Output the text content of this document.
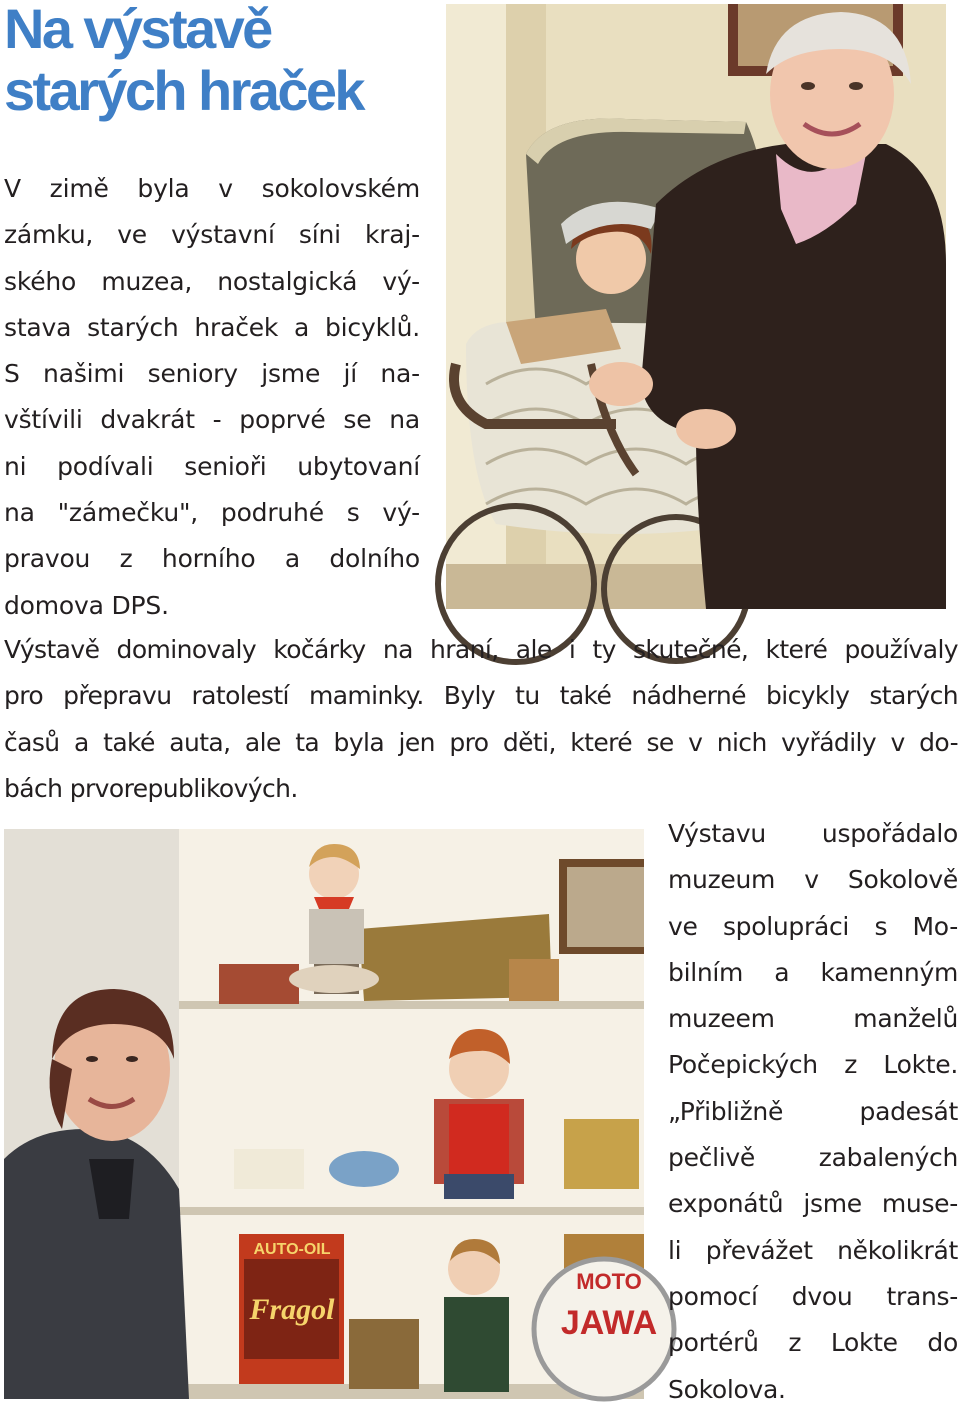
Na výstavě
starých hraček
V zimě byla v sokolovském
zámku, ve výstavní síni kraj-
ského muzea, nostalgická vý-
stava starých hraček a bicyklů.
S našimi seniory jsme jí na-
vštívili dvakrát - poprvé se na
ni podívali senioři ubytovaní
na "zámečku", podruhé s vý-
pravou z horního a dolního
domova DPS.
Výstavě dominovaly kočárky na hraní, ale i ty skutečné, které používaly
pro přepravu ratolestí maminky. Byly tu také nádherné bicykly starých
časů a také auta, ale ta byla jen pro děti, které se v nich vyřádily v do-
bách prvorepublikových.
AUTO-OIL
Fragol
MOTO
JAWA
Výstavu uspořádalo
muzeum v Sokolově
ve spolupráci s Mo-
bilním a kamenným
muzeem manželů
Počepických z Lokte.
„Přibližně padesát
pečlivě zabalených
exponátů jsme muse-
li převážet několikrát
pomocí dvou trans-
portérů z Lokte do
Sokolova.
